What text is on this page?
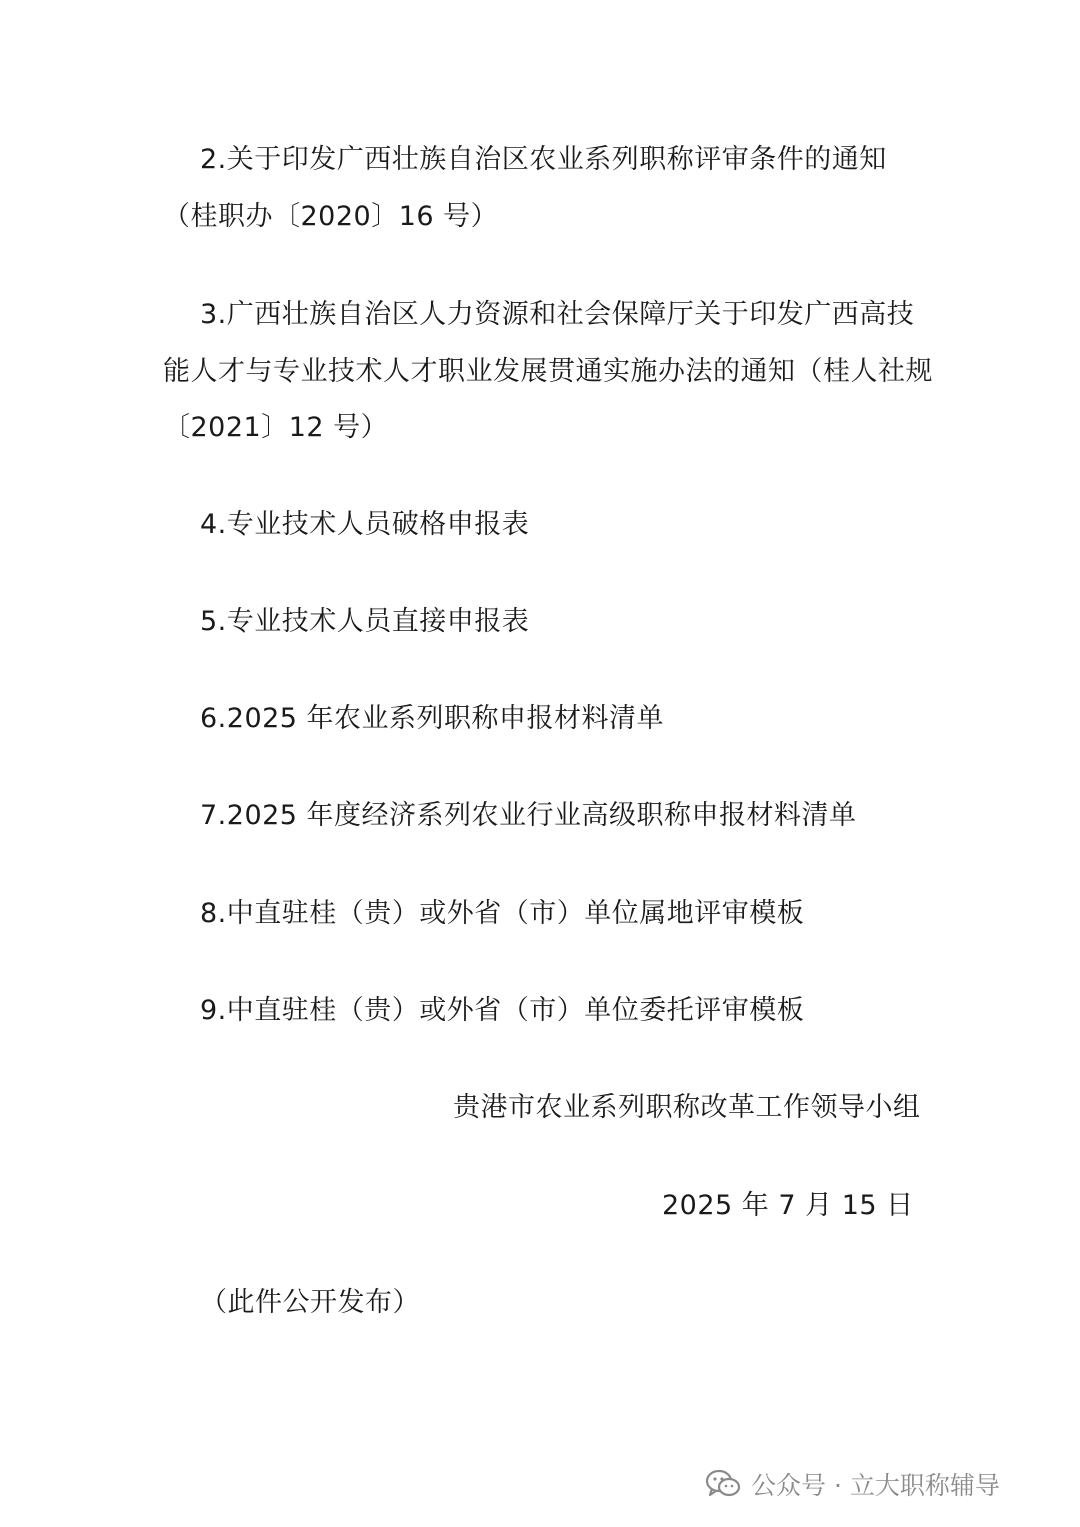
2.关于印发广西壮族自治区农业系列职称评审条件的通知
（桂职办〔2020〕16 号）
3.广西壮族自治区人力资源和社会保障厅关于印发广西高技
能人才与专业技术人才职业发展贯通实施办法的通知（桂人社规
〔2021〕12 号）
4.专业技术人员破格申报表
5.专业技术人员直接申报表
6.2025 年农业系列职称申报材料清单
7.2025 年度经济系列农业行业高级职称申报材料清单
8.中直驻桂（贵）或外省（市）单位属地评审模板
9.中直驻桂（贵）或外省（市）单位委托评审模板
贵港市农业系列职称改革工作领导小组
2025 年 7 月 15 日
（此件公开发布）
公众号 · 立大职称辅导
